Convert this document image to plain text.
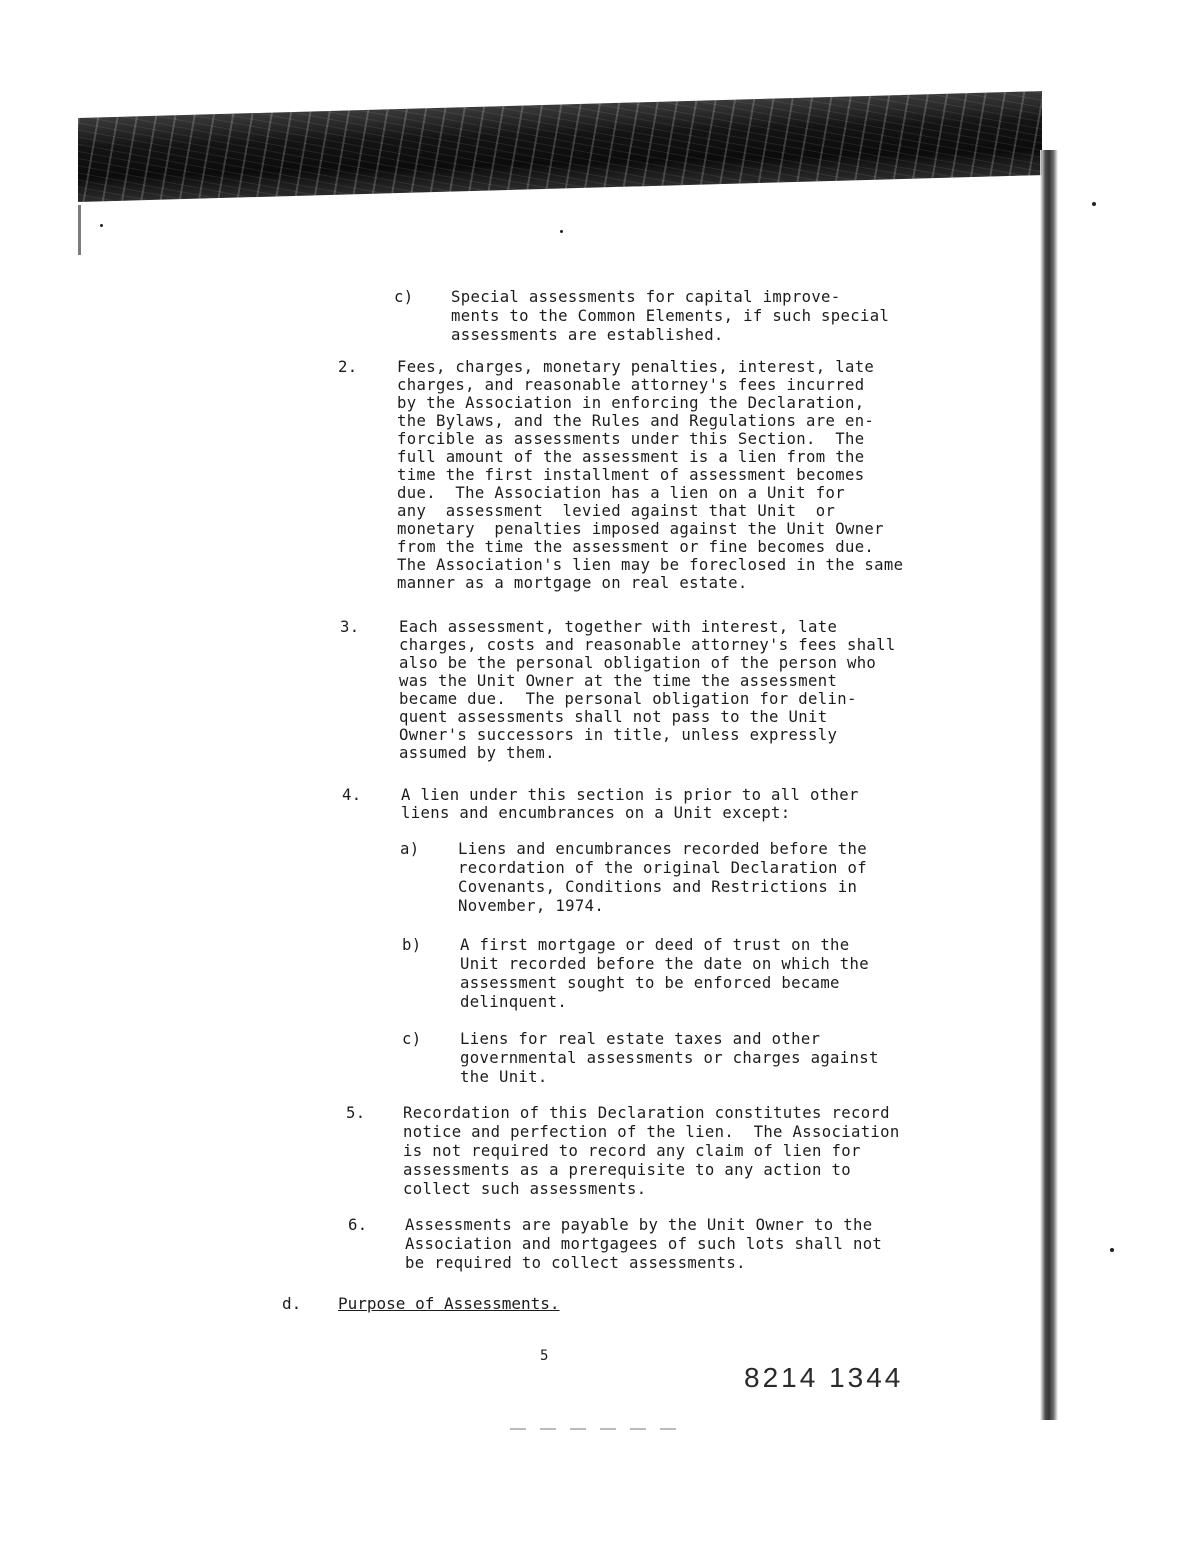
c) Special assessments for capital improve-
ments to the Common Elements, if such special
assessments are established.
2.	Fees, charges, monetary penalties, interest, late
charges, and reasonable attorney's fees incurred
by the Association in enforcing the Declaration,
the Bylaws, and the Rules and Regulations are en-
forcible as assessments under this Section.  The
full amount of the assessment is a lien from the
time the first installment of assessment becomes
due.  The Association has a lien on a Unit for
any  assessment  levied against that Unit  or
monetary  penalties imposed against the Unit Owner
from the time the assessment or fine becomes due.
The Association's lien may be foreclosed in the same
manner as a mortgage on real estate.
3.	Each assessment, together with interest, late
charges, costs and reasonable attorney's fees shall
also be the personal obligation of the person who
was the Unit Owner at the time the assessment
became due.  The personal obligation for delin-
quent assessments shall not pass to the Unit
Owner's successors in title, unless expressly
assumed by them.
4.	A lien under this section is prior to all other
liens and encumbrances on a Unit except:
a) Liens and encumbrances recorded before the
recordation of the original Declaration of
Covenants, Conditions and Restrictions in
November, 1974.
b) A first mortgage or deed of trust on the
Unit recorded before the date on which the
assessment sought to be enforced became
delinquent.
c) Liens for real estate taxes and other
governmental assessments or charges against
the Unit.
5. Recordation of this Declaration constitutes record
notice and perfection of the lien.  The Association
is not required to record any claim of lien for
assessments as a prerequisite to any action to
collect such assessments.
6. Assessments are payable by the Unit Owner to the
Association and mortgagees of such lots shall not
be required to collect assessments.
d. Purpose of Assessments.
5
8214 1344
